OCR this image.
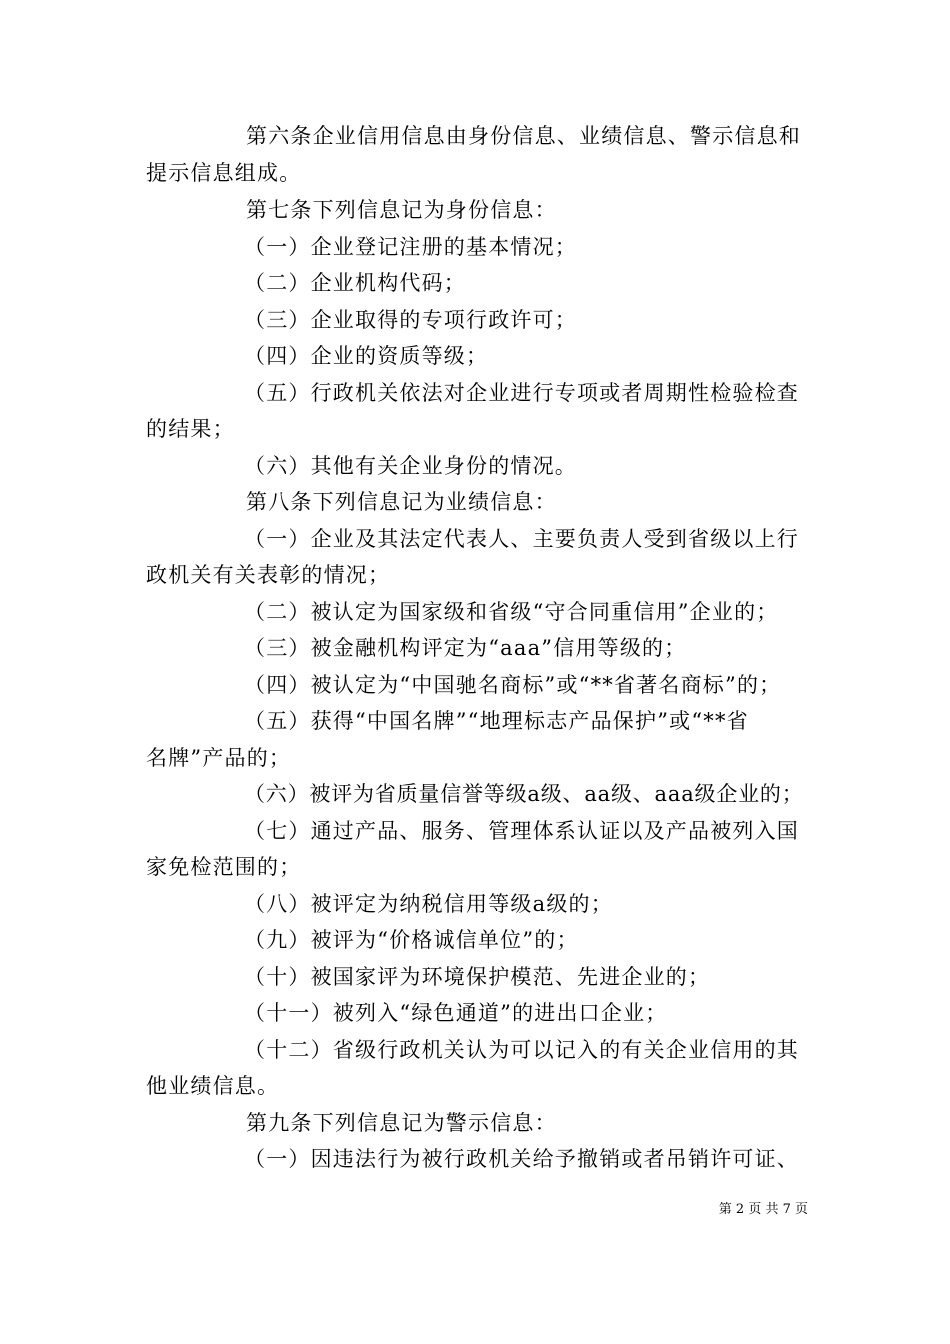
第六条企业信用信息由身份信息、业绩信息、警示信息和
提示信息组成。
第七条下列信息记为身份信息：
（一）企业登记注册的基本情况；
（二）企业机构代码；
（三）企业取得的专项行政许可；
（四）企业的资质等级；
（五）行政机关依法对企业进行专项或者周期性检验检查
的结果；
（六）其他有关企业身份的情况。
第八条下列信息记为业绩信息：
（一）企业及其法定代表人、主要负责人受到省级以上行
政机关有关表彰的情况；
（二）被认定为国家级和省级“守合同重信用”企业的；
（三）被金融机构评定为“aaa”信用等级的；
（四）被认定为“中国驰名商标”或“**省著名商标”的；
（五）获得“中国名牌”“地理标志产品保护”或“**省
名牌”产品的；
（六）被评为省质量信誉等级a级、aa级、aaa级企业的；
（七）通过产品、服务、管理体系认证以及产品被列入国
家免检范围的；
（八）被评定为纳税信用等级a级的；
（九）被评为“价格诚信单位”的；
（十）被国家评为环境保护模范、先进企业的；
（十一）被列入“绿色通道”的进出口企业；
（十二）省级行政机关认为可以记入的有关企业信用的其
他业绩信息。
第九条下列信息记为警示信息：
（一）因违法行为被行政机关给予撤销或者吊销许可证、
第 2 页 共 7 页
